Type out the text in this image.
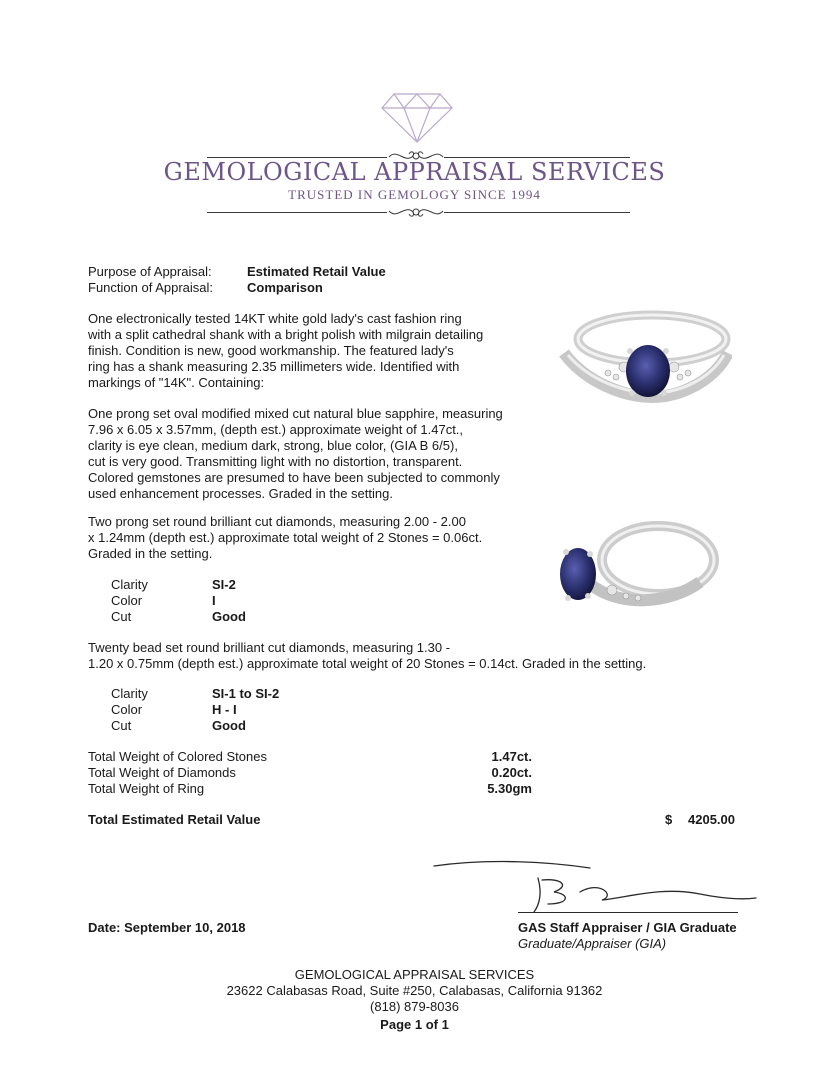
GEMOLOGICAL APPRAISAL SERVICES
TRUSTED IN GEMOLOGY SINCE 1994
Purpose of Appraisal:	Estimated Retail Value
Function of Appraisal:	Comparison
One electronically tested 14KT white gold lady's cast fashion ring
with a split cathedral shank with a bright polish with milgrain detailing
finish. Condition is new, good workmanship. The featured lady's
ring has a shank measuring 2.35 millimeters wide. Identified with
markings of "14K". Containing:
One prong set oval modified mixed cut natural blue sapphire, measuring
7.96 x 6.05 x 3.57mm, (depth est.) approximate weight of 1.47ct.,
clarity is eye clean, medium dark, strong, blue color, (GIA B 6/5),
cut is very good. Transmitting light with no distortion, transparent.
Colored gemstones are presumed to have been subjected to commonly
used enhancement processes. Graded in the setting.
Two prong set round brilliant cut diamonds, measuring 2.00 - 2.00
x 1.24mm (depth est.) approximate total weight of 2 Stones = 0.06ct.
Graded in the setting.
Clarity	SI-2
Color	I
Cut	Good
Twenty bead set round brilliant cut diamonds, measuring 1.30 -
1.20 x 0.75mm (depth est.) approximate total weight of 20 Stones = 0.14ct. Graded in the setting.
Clarity	SI-1 to SI-2
Color	H - I
Cut	Good
Total Weight of Colored Stones	1.47ct.
Total Weight of Diamonds	0.20ct.
Total Weight of Ring	5.30gm
Total Estimated Retail Value	$ 4205.00
Date: September 10, 2018	GAS Staff Appraiser / GIA Graduate
Graduate/Appraiser (GIA)
GEMOLOGICAL APPRAISAL SERVICES
23622 Calabasas Road, Suite #250, Calabasas, California 91362
(818) 879-8036
Page 1 of 1
